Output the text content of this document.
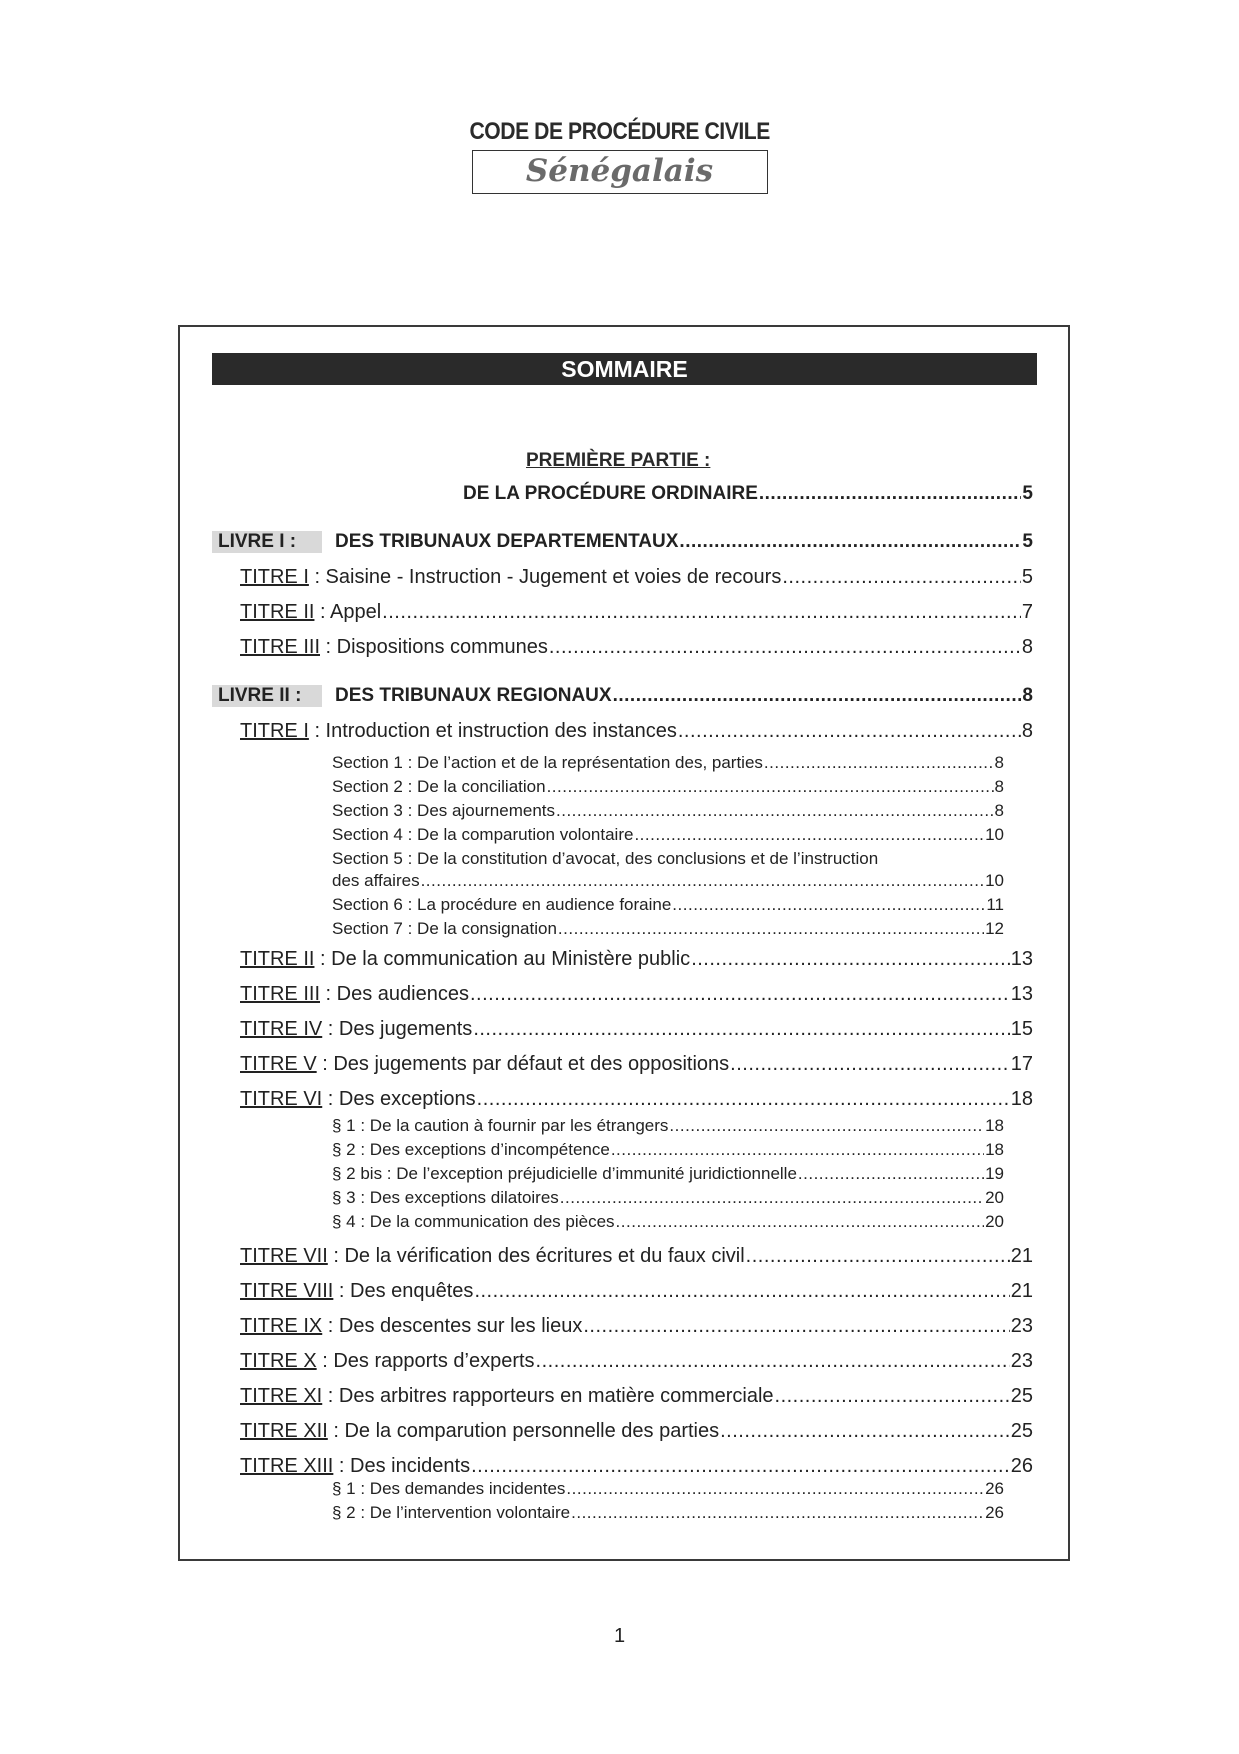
CODE DE PROCÉDURE CIVILE
Sénégalais
SOMMAIRE
PREMIÈRE PARTIE :
DE LA PROCÉDURE ORDINAIRE .....	5
LIVRE I :	DES TRIBUNAUX DEPARTEMENTAUX .....	5
TITRE I : Saisine - Instruction - Jugement et voies de recours .....	5
TITRE II : Appel .....	7
TITRE III : Dispositions communes .....	8
LIVRE II :	DES TRIBUNAUX REGIONAUX .....	8
TITRE I : Introduction et instruction des instances .....	8
Section 1 : De l’action et de la représentation des, parties .....	8
Section 2 : De la conciliation .....	8
Section 3 : Des ajournements .....	8
Section 4 : De la comparution volontaire .....	10
Section 5 : De la constitution d’avocat, des conclusions et de l’instruction
des affaires .....	10
Section 6 : La procédure en audience foraine .....	11
Section 7 : De la consignation .....	12
TITRE II : De la communication au Ministère public .....	13
TITRE III : Des audiences .....	13
TITRE IV : Des jugements .....	15
TITRE V : Des jugements par défaut et des oppositions .....	17
TITRE VI : Des exceptions .....	18
§ 1 : De la caution à fournir par les étrangers .....	18
§ 2 : Des exceptions d’incompétence .....	18
§ 2 bis : De l’exception préjudicielle d’immunité juridictionnelle .....	19
§ 3 : Des exceptions dilatoires .....	20
§ 4 : De la communication des pièces .....	20
TITRE VII : De la vérification des écritures et du faux civil .....	21
TITRE VIII : Des enquêtes .....	21
TITRE IX : Des descentes sur les lieux .....	23
TITRE X : Des rapports d’experts .....	23
TITRE XI : Des arbitres rapporteurs en matière commerciale .....	25
TITRE XII : De la comparution personnelle des parties .....	25
TITRE XIII : Des incidents .....	26
§ 1 : Des demandes incidentes .....	26
§ 2 : De l’intervention volontaire .....	26
1
